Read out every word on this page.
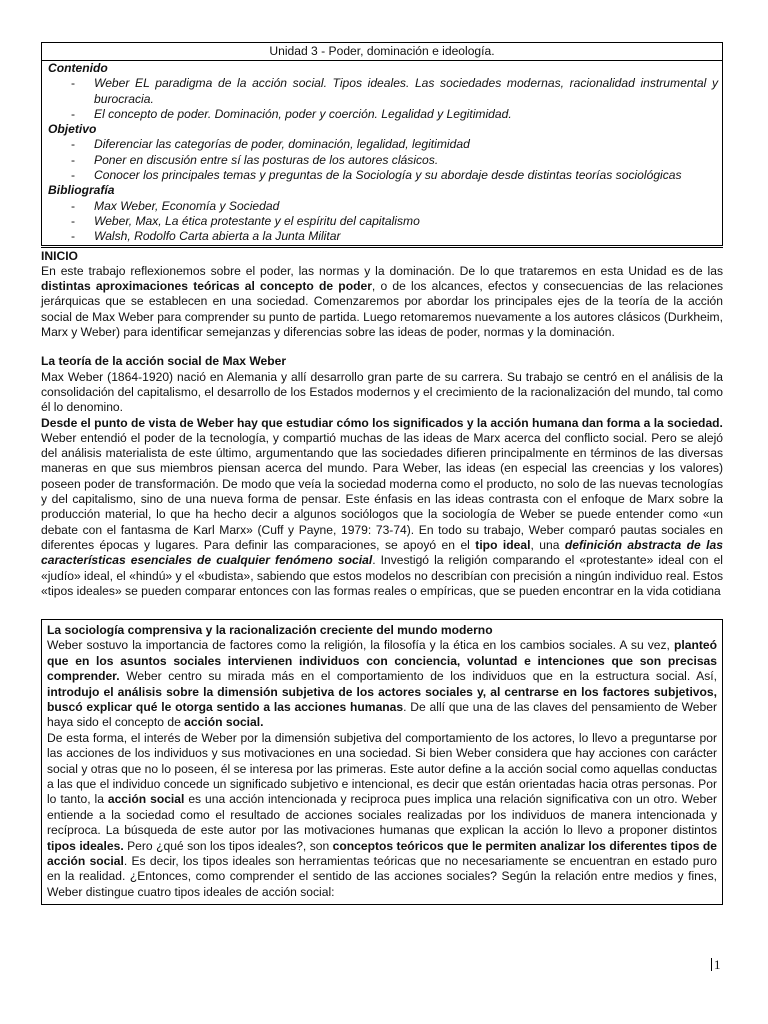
Unidad 3 - Poder, dominación e ideología.
Contenido
- Weber EL paradigma de la acción social. Tipos ideales. Las sociedades modernas, racionalidad instrumental y burocracia.
- El concepto de poder. Dominación, poder y coerción. Legalidad y Legitimidad.
Objetivo
- Diferenciar las categorías de poder, dominación, legalidad, legitimidad
- Poner en discusión entre sí las posturas de los autores clásicos.
- Conocer los principales temas y preguntas de la Sociología y su abordaje desde distintas teorías sociológicas
Bibliografía
- Max Weber, Economía y Sociedad
- Weber, Max, La ética protestante y el espíritu del capitalismo
- Walsh, Rodolfo Carta abierta a la Junta Militar
INICIO

En este trabajo reflexionemos sobre el poder, las normas y la dominación. De lo que trataremos en esta Unidad es de las distintas aproximaciones teóricas al concepto de poder, o de los alcances, efectos y consecuencias de las relaciones jerárquicas que se establecen en una sociedad. Comenzaremos por abordar los principales ejes de la teoría de la acción social de Max Weber para comprender su punto de partida. Luego retomaremos nuevamente a los autores clásicos (Durkheim, Marx y Weber) para identificar semejanzas y diferencias sobre las ideas de poder, normas y la dominación.

La teoría de la acción social de Max Weber

Max Weber (1864-1920) nació en Alemania y allí desarrollo gran parte de su carrera. Su trabajo se centró en el análisis de la consolidación del capitalismo, el desarrollo de los Estados modernos y el crecimiento de la racionalización del mundo, tal como él lo denomino.

Desde el punto de vista de Weber hay que estudiar cómo los significados y la acción humana dan forma a la sociedad.

Weber entendió el poder de la tecnología, y compartió muchas de las ideas de Marx acerca del conflicto social. Pero se alejó del análisis materialista de este último, argumentando que las sociedades difieren principalmente en términos de las diversas maneras en que sus miembros piensan acerca del mundo. Para Weber, las ideas (en especial las creencias y los valores) poseen poder de transformación. De modo que veía la sociedad moderna como el producto, no solo de las nuevas tecnologías y del capitalismo, sino de una nueva forma de pensar. Este énfasis en las ideas contrasta con el enfoque de Marx sobre la producción material, lo que ha hecho decir a algunos sociólogos que la sociología de Weber se puede entender como «un debate con el fantasma de Karl Marx» (Cuff y Payne, 1979: 73-74). En todo su trabajo, Weber comparó pautas sociales en diferentes épocas y lugares. Para definir las comparaciones, se apoyó en el tipo ideal, una definición abstracta de las características esenciales de cualquier fenómeno social. Investigó la religión comparando el «protestante» ideal con el «judío» ideal, el «hindú» y el «budista», sabiendo que estos modelos no describían con precisión a ningún individuo real. Estos «tipos ideales» se pueden comparar entonces con las formas reales o empíricas, que se pueden encontrar en la vida cotidiana

La sociología comprensiva y la racionalización creciente del mundo moderno

Weber sostuvo la importancia de factores como la religión, la filosofía y la ética en los cambios sociales. A su vez, planteó que en los asuntos sociales intervienen individuos con conciencia, voluntad e intenciones que son precisas comprender. Weber centro su mirada más en el comportamiento de los individuos que en la estructura social. Así, introdujo el análisis sobre la dimensión subjetiva de los actores sociales y, al centrarse en los factores subjetivos, buscó explicar qué le otorga sentido a las acciones humanas. De allí que una de las claves del pensamiento de Weber haya sido el concepto de acción social.

De esta forma, el interés de Weber por la dimensión subjetiva del comportamiento de los actores, lo llevo a preguntarse por las acciones de los individuos y sus motivaciones en una sociedad. Si bien Weber considera que hay acciones con carácter social y otras que no lo poseen, él se interesa por las primeras. Este autor define a la acción social como aquellas conductas a las que el individuo concede un significado subjetivo e intencional, es decir que están orientadas hacia otras personas. Por lo tanto, la acción social es una acción intencionada y reciproca pues implica una relación significativa con un otro. Weber entiende a la sociedad como el resultado de acciones sociales realizadas por los individuos de manera intencionada y recíproca. La búsqueda de este autor por las motivaciones humanas que explican la acción lo llevo a proponer distintos tipos ideales. Pero ¿qué son los tipos ideales?, son conceptos teóricos que le permiten analizar los diferentes tipos de acción social. Es decir, los tipos ideales son herramientas teóricas que no necesariamente se encuentran en estado puro en la realidad. ¿Entonces, como comprender el sentido de las acciones sociales? Según la relación entre medios y fines, Weber distingue cuatro tipos ideales de acción social:

1
